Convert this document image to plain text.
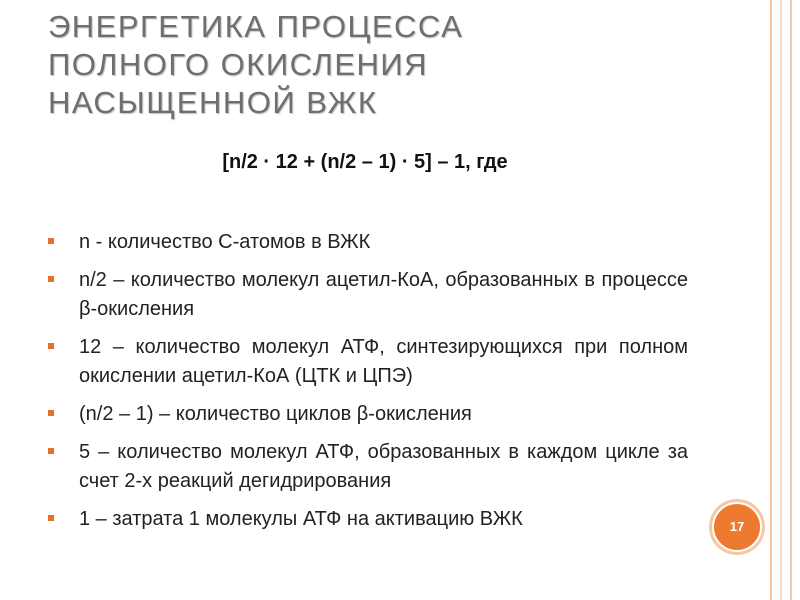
ЭНЕРГЕТИКА ПРОЦЕССА
ПОЛНОГО ОКИСЛЕНИЯ
НАСЫЩЕННОЙ ВЖК
[n/2 · 12 + (n/2 – 1) · 5] – 1, где
n - количество С-атомов в ВЖК
n/2 – количество молекул ацетил-КоА, образованных в процессе β-окисления
12 – количество молекул АТФ, синтезирующихся при полном окислении ацетил-КоА (ЦТК и ЦПЭ)
(n/2 – 1) – количество циклов β-окисления
5 – количество молекул АТФ, образованных в каждом цикле за счет 2-х реакций дегидрирования
1 – затрата 1 молекулы АТФ на активацию ВЖК	17
